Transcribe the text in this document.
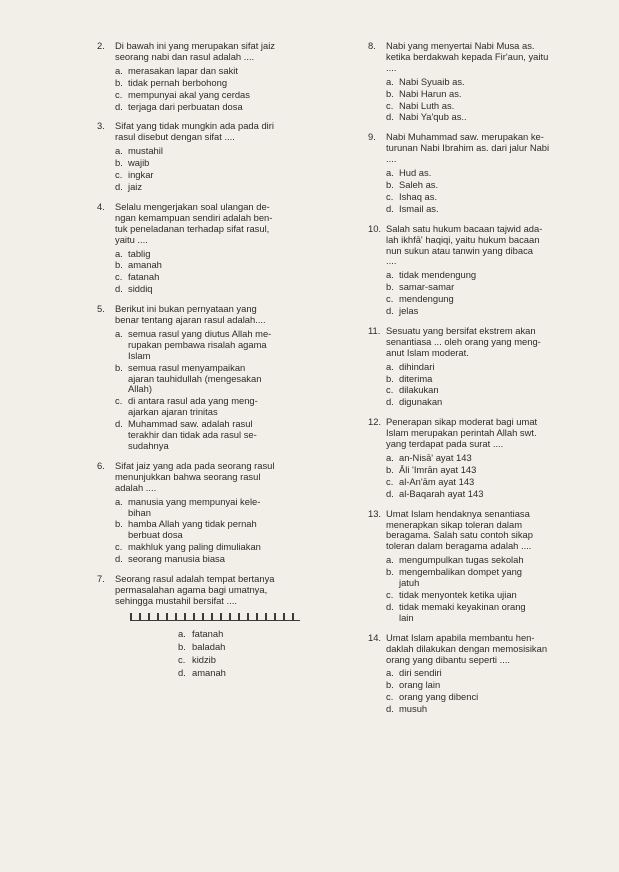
2. Di bawah ini yang merupakan sifat jaiz
seorang nabi dan rasul adalah ....
a. merasakan lapar dan sakit
b. tidak pernah berbohong
c. mempunyai akal yang cerdas
d. terjaga dari perbuatan dosa
3. Sifat yang tidak mungkin ada pada diri
rasul disebut dengan sifat ....
a. mustahil
b. wajib
c. ingkar
d. jaiz
4. Selalu mengerjakan soal ulangan de-
ngan kemampuan sendiri adalah ben-
tuk peneladanan terhadap sifat rasul,
yaitu ....
a. tablig
b. amanah
c. fatanah
d. siddiq
5. Berikut ini bukan pernyataan yang
benar tentang ajaran rasul adalah....
a. semua rasul yang diutus Allah me-
rupakan pembawa risalah agama
Islam
b. semua rasul menyampaikan
ajaran tauhidullah (mengesakan
Allah)
c. di antara rasul ada yang meng-
ajarkan ajaran trinitas
d. Muhammad saw. adalah rasul
terakhir dan tidak ada rasul se-
sudahnya
6. Sifat jaiz yang ada pada seorang rasul
menunjukkan bahwa seorang rasul
adalah ....
a. manusia yang mempunyai kele-
bihan
b. hamba Allah yang tidak pernah
berbuat dosa
c. makhluk yang paling dimuliakan
d. seorang manusia biasa
7. Seorang rasul adalah tempat bertanya
permasalahan agama bagi umatnya,
sehingga mustahil bersifat ....
a. fatanah
b. baladah
c. kidzib
d. amanah
8. Nabi yang menyertai Nabi Musa as.
ketika berdakwah kepada Fir'aun, yaitu
....
a. Nabi Syuaib as.
b. Nabi Harun as.
c. Nabi Luth as.
d. Nabi Ya'qub as..
9. Nabi Muhammad saw. merupakan ke-
turunan Nabi Ibrahim as. dari jalur Nabi
....
a. Hud as.
b. Saleh as.
c. Ishaq as.
d. Ismail as.
10. Salah satu hukum bacaan tajwid ada-
lah ikhfā' haqiqi, yaitu hukum bacaan
nun sukun atau tanwin yang dibaca
....
a. tidak mendengung
b. samar-samar
c. mendengung
d. jelas
11. Sesuatu yang bersifat ekstrem akan
senantiasa ... oleh orang yang meng-
anut Islam moderat.
a. dihindari
b. diterima
c. dilakukan
d. digunakan
12. Penerapan sikap moderat bagi umat
Islam merupakan perintah Allah swt.
yang terdapat pada surat ....
a. an-Nisā' ayat 143
b. Āli 'Imrān ayat 143
c. al-An'ām ayat 143
d. al-Baqarah ayat 143
13. Umat Islam hendaknya senantiasa
menerapkan sikap toleran dalam
beragama. Salah satu contoh sikap
toleran dalam beragama adalah ....
a. mengumpulkan tugas sekolah
b. mengembalikan dompet yang
jatuh
c. tidak menyontek ketika ujian
d. tidak memaki keyakinan orang
lain
14. Umat Islam apabila membantu hen-
daklah dilakukan dengan memosisikan
orang yang dibantu seperti ....
a. diri sendiri
b. orang lain
c. orang yang dibenci
d. musuh
